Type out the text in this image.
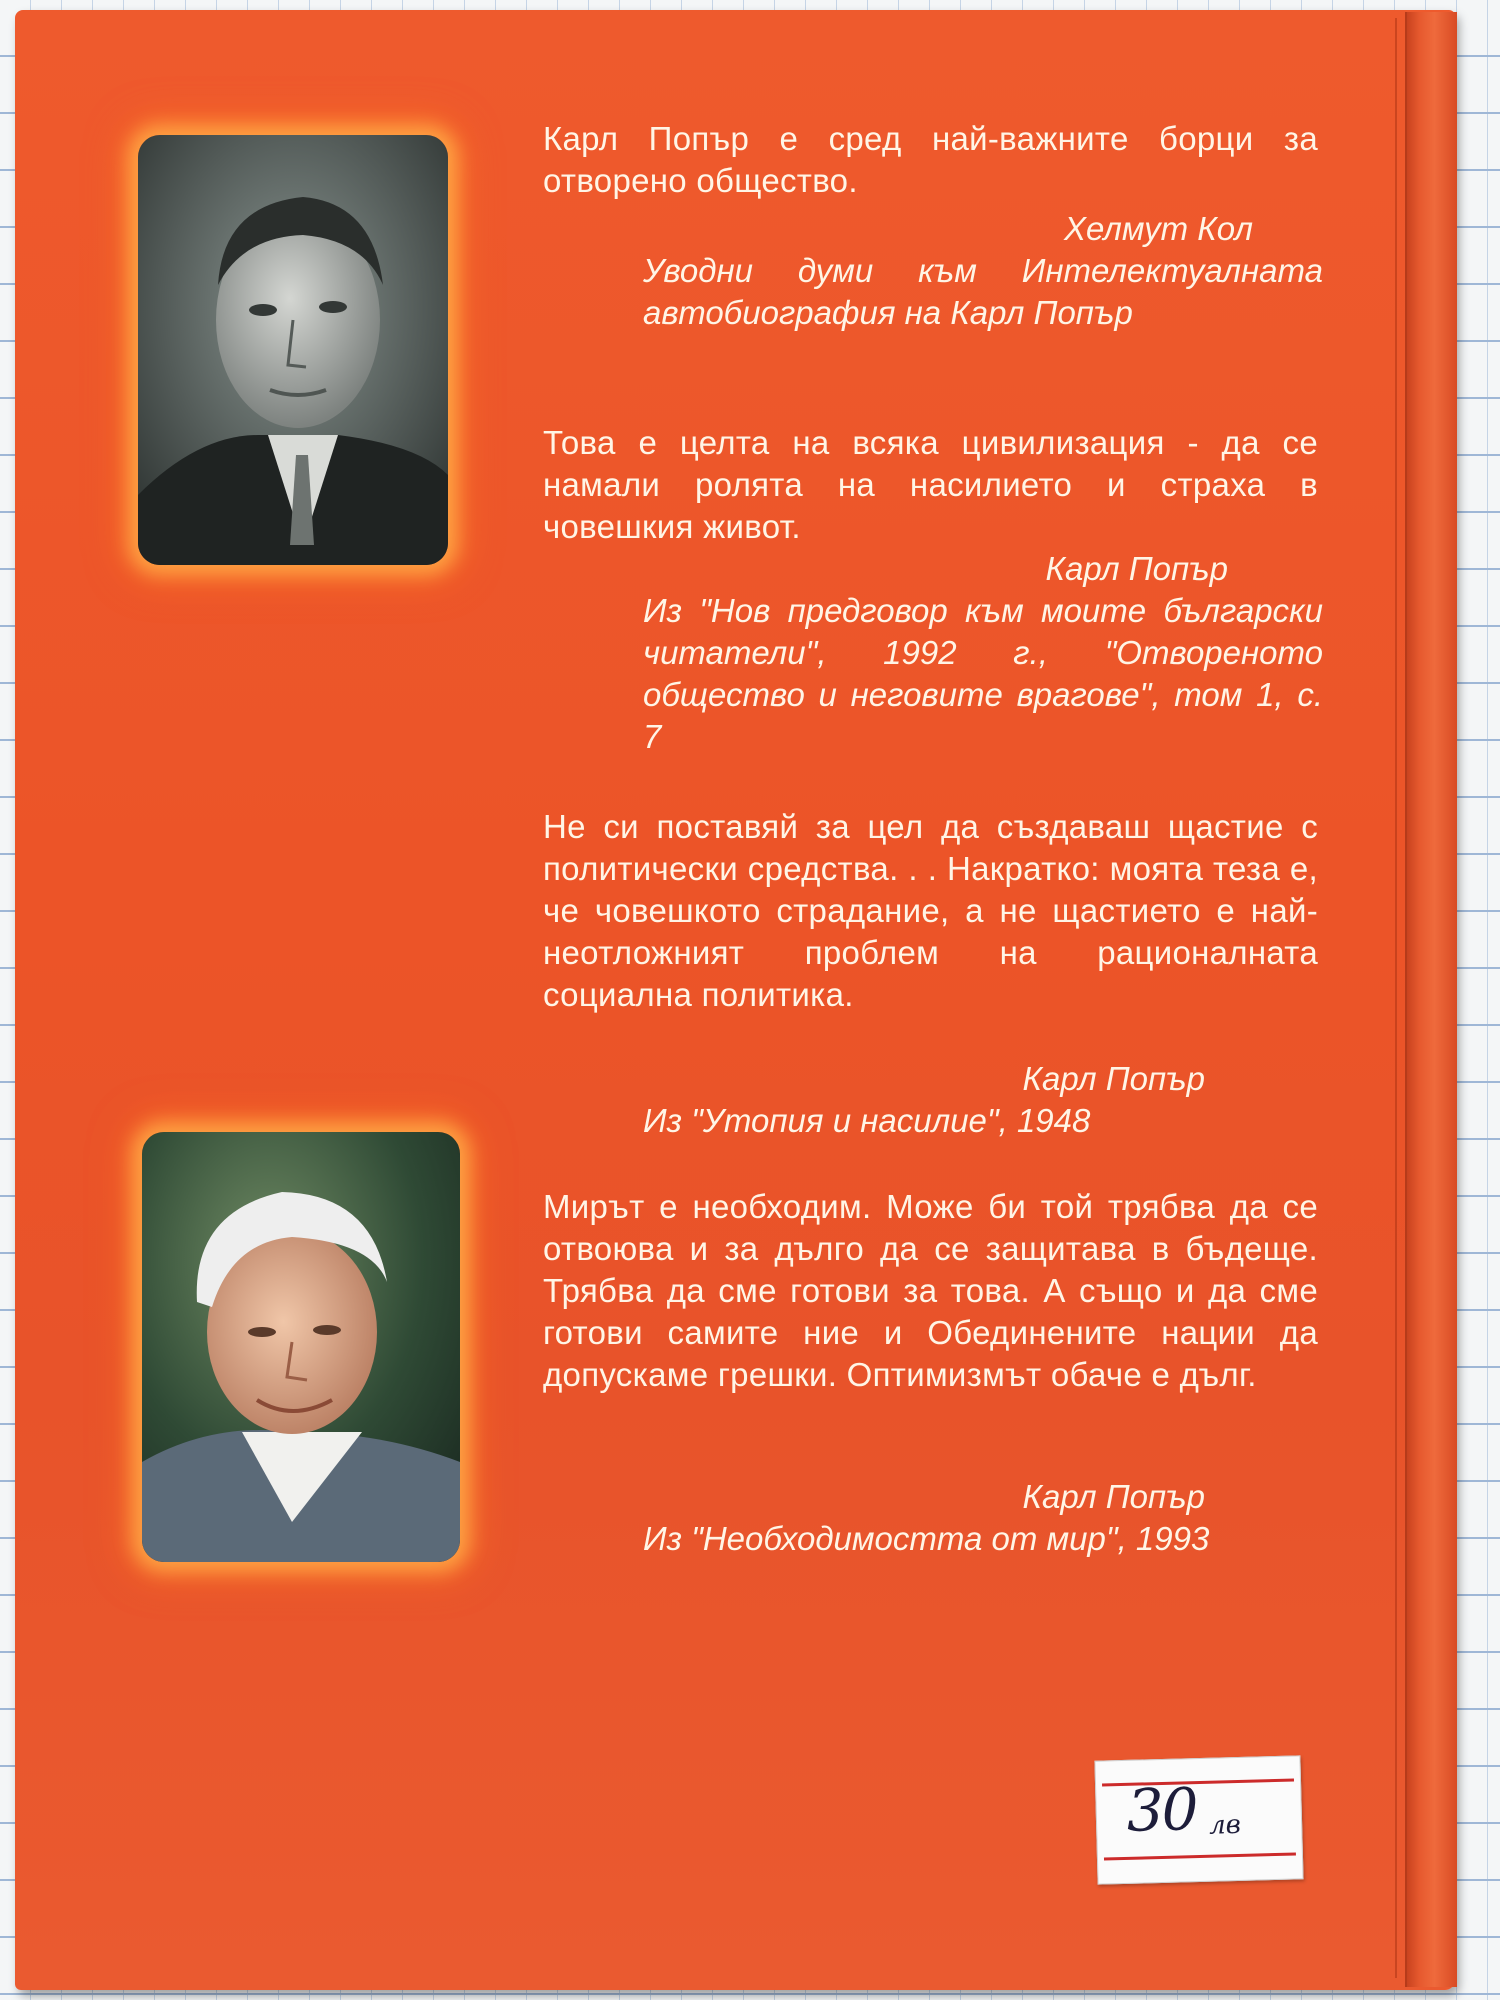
Карл Попър е сред най-важните борци за отворено общество.
Хелмут Кол
Уводни думи към Интелектуалната автобиография на Карл Попър
Това е целта на всяка цивилизация - да се намали ролята на насилието и страха в човешкия живот.
Карл Попър
Из "Нов предговор към моите български читатели", 1992 г., "Отвореното общество и неговите врагове", том 1, с. 7
Не си поставяй за цел да създаваш щастие с политически средства. . . Накратко: моята теза е, че човешкото страдание, а не щастието е най-неотложният проблем на рационалната социална политика.
Карл Попър
Из "Утопия и насилие", 1948
Мирът е необходим. Може би той трябва да се отвоюва и за дълго да се защитава в бъдеще. Трябва да сме готови за това. А също и да сме готови самите ние и Обединените нации да допускаме грешки. Оптимизмът обаче е дълг.
Карл Попър
Из "Необходимостта от мир", 1993
30 лв
